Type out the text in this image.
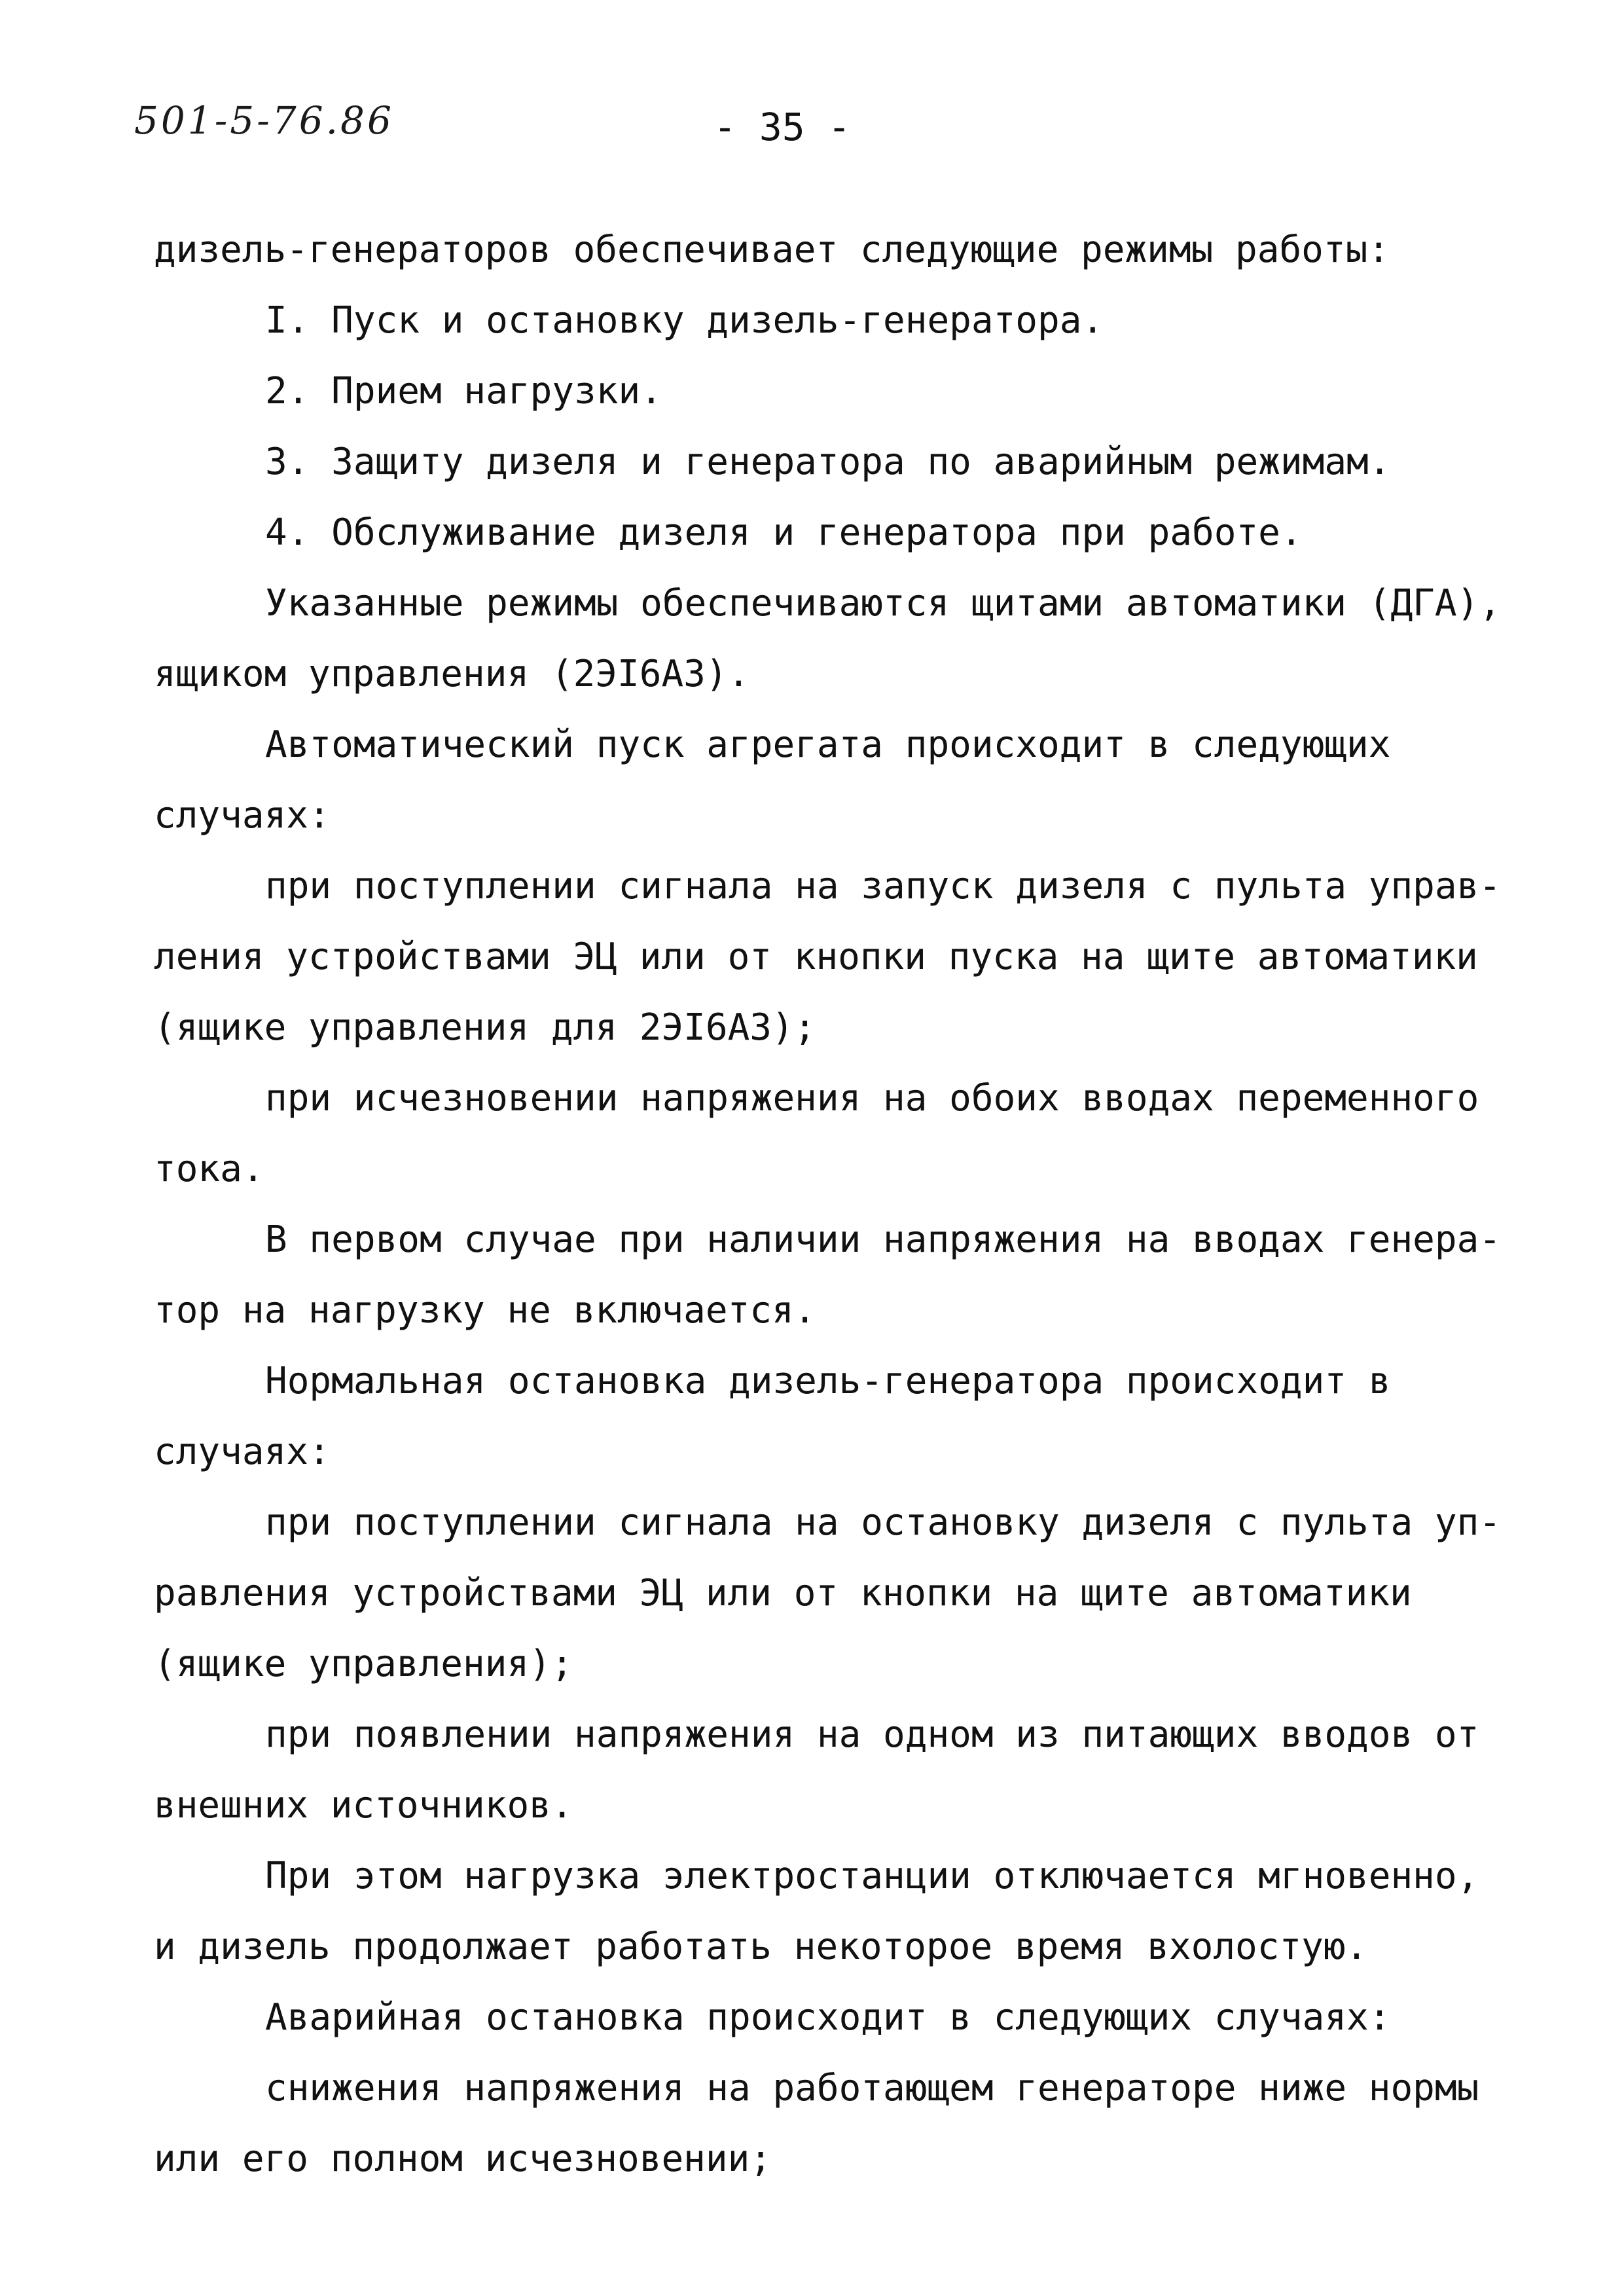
501-5-76.86	- 35 -
дизель-генераторов обеспечивает следующие режимы работы:
I. Пуск и остановку дизель-генератора.
2. Прием нагрузки.
3. Защиту дизеля и генератора по аварийным режимам.
4. Обслуживание дизеля и генератора при работе.
Указанные режимы обеспечиваются щитами автоматики (ДГА),
ящиком управления (2ЭI6А3).
Автоматический пуск агрегата происходит в следующих
случаях:
при поступлении сигнала на запуск дизеля с пульта управ-
ления устройствами ЭЦ или от кнопки пуска на щите автоматики
(ящике управления для 2ЭI6А3);
при исчезновении напряжения на обоих вводах переменного
тока.
В первом случае при наличии напряжения на вводах генера-
тор на нагрузку не включается.
Нормальная остановка дизель-генератора происходит в
случаях:
при поступлении сигнала на остановку дизеля с пульта уп-
равления устройствами ЭЦ или от кнопки на щите автоматики
(ящике управления);
при появлении напряжения на одном из питающих вводов от
внешних источников.
При этом нагрузка электростанции отключается мгновенно,
и дизель продолжает работать некоторое время вхолостую.
Аварийная остановка происходит в следующих случаях:
снижения напряжения на работающем генераторе ниже нормы
или его полном исчезновении;
